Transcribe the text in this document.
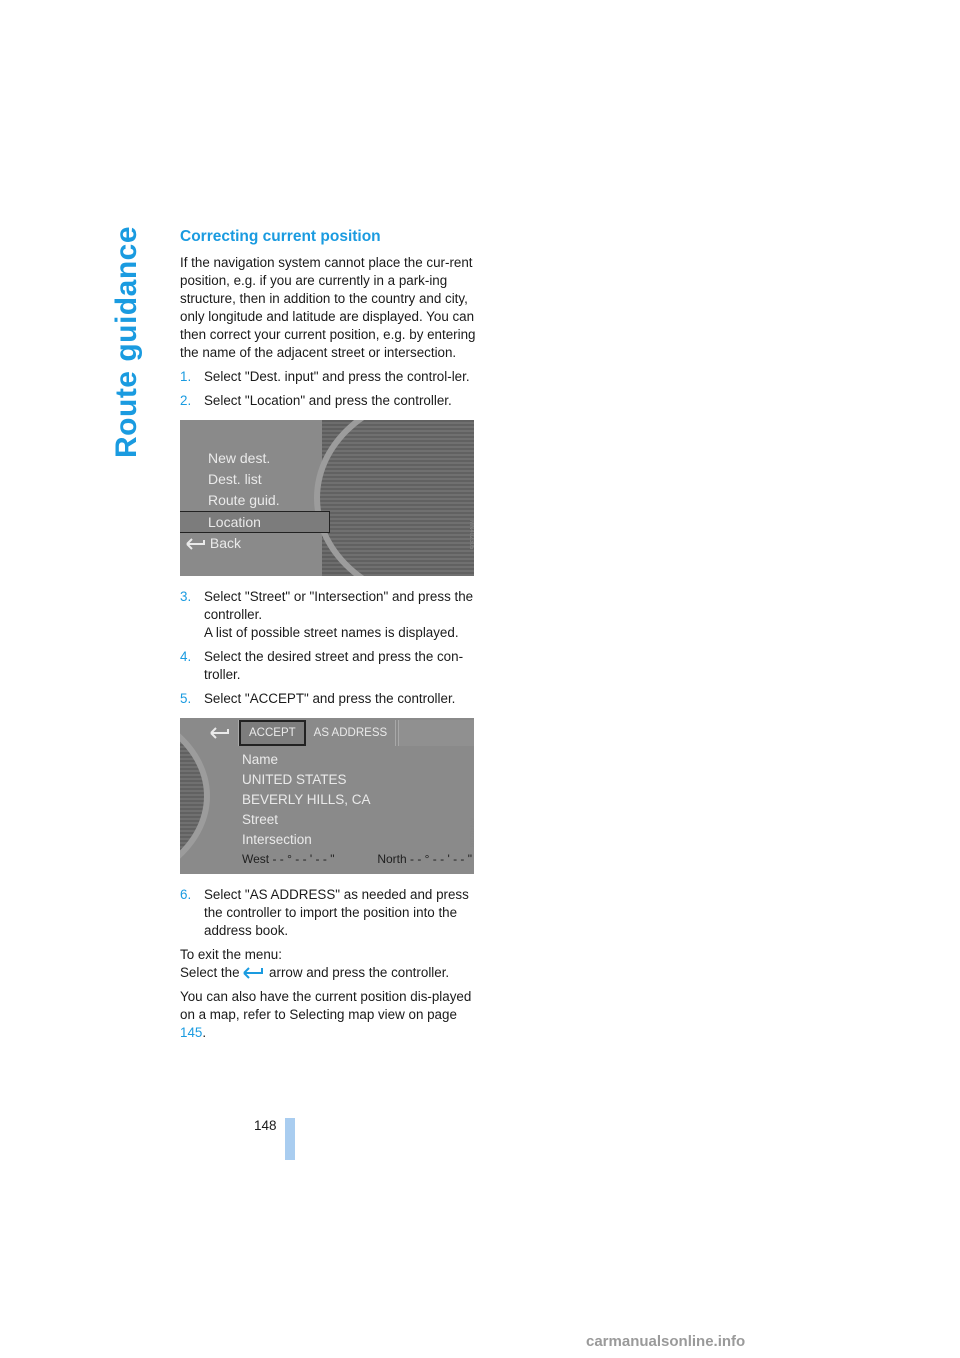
Route guidance Correcting current position

If the navigation system cannot place the cur-rent position, e.g. if you are currently in a park-ing structure, then in addition to the country and city, only longitude and latitude are displayed. You can then correct your current position, e.g. by entering the name of the adjacent street or intersection.

1. Select "Dest. input" and press the control-ler.
2. Select "Location" and press the controller.
New dest.
Dest. list
Route guid.
Location
Back	MN402305
3. Select "Street" or "Intersection" and press the controller.
A list of possible street names is displayed.
4. Select the desired street and press the con-troller.
5. Select "ACCEPT" and press the controller.
ACCEPT	AS ADDRESS
Name
UNITED STATES
BEVERLY HILLS, CA
Street
Intersection
West - - ° - - ' - - "	North - - ° - - ' - - "
MN402308
6. Select "AS ADDRESS" as needed and press the controller to import the position into the address book.

To exit the menu:
Select the arrow and press the controller.

You can also have the current position dis-played on a map, refer to Selecting map view on page 145.

148
carmanualsonline.info
